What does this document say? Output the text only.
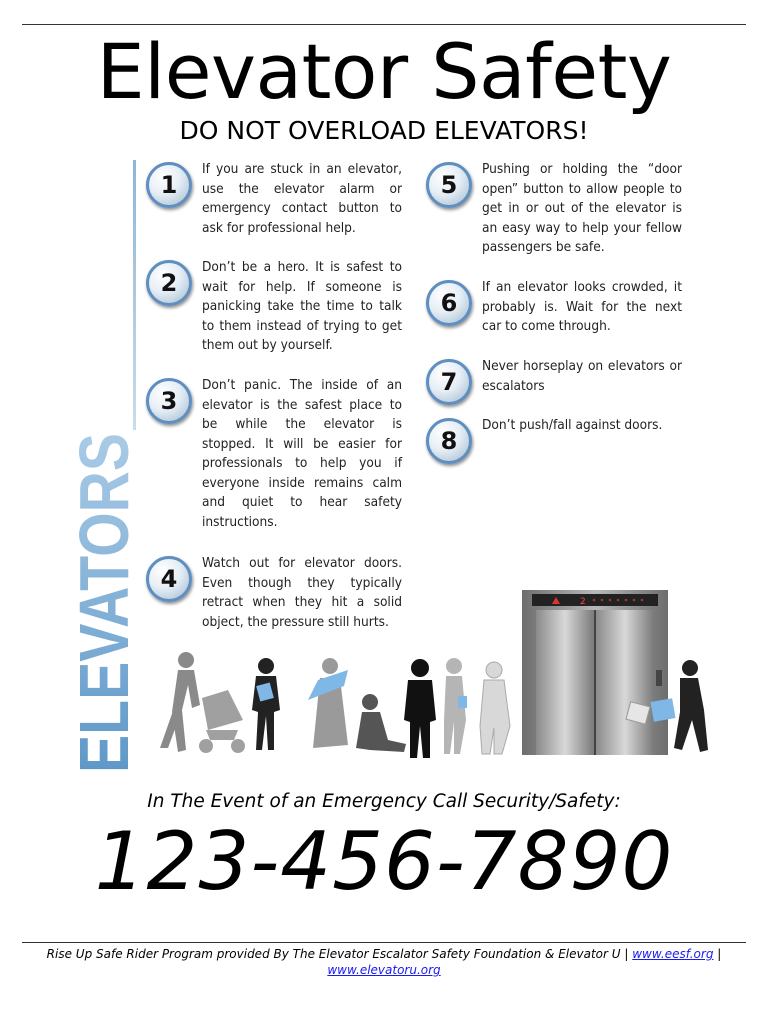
Elevator Safety
DO NOT OVERLOAD ELEVATORS!
ELEVATORS
1
If you are stuck in an elevator, use the elevator alarm or emergency contact button to ask for professional help.
2
Don’t be a hero. It is safest to wait for help. If someone is panicking take the time to talk to them instead of trying to get them out by yourself.
3
Don’t panic. The inside of an elevator is the safest place to be while the elevator is stopped. It will be easier for professionals to help you if everyone inside remains calm and quiet to hear safety instructions.
4
Watch out for elevator doors. Even though they typically retract when they hit a solid object, the pressure still hurts.
5
Pushing or holding the “door open” button to allow people to get in or out of the elevator is an easy way to help your fellow passengers be safe.
6
If an elevator looks crowded, it probably is. Wait for the next car to come through.
7
Never horseplay on elevators or escalators
8
Don’t push/fall against doors.
2
In The Event of an Emergency Call Security/Safety:
123-456-7890
Rise Up Safe Rider Program provided By The Elevator Escalator Safety Foundation & Elevator U | www.eesf.org |
www.elevatoru.org
